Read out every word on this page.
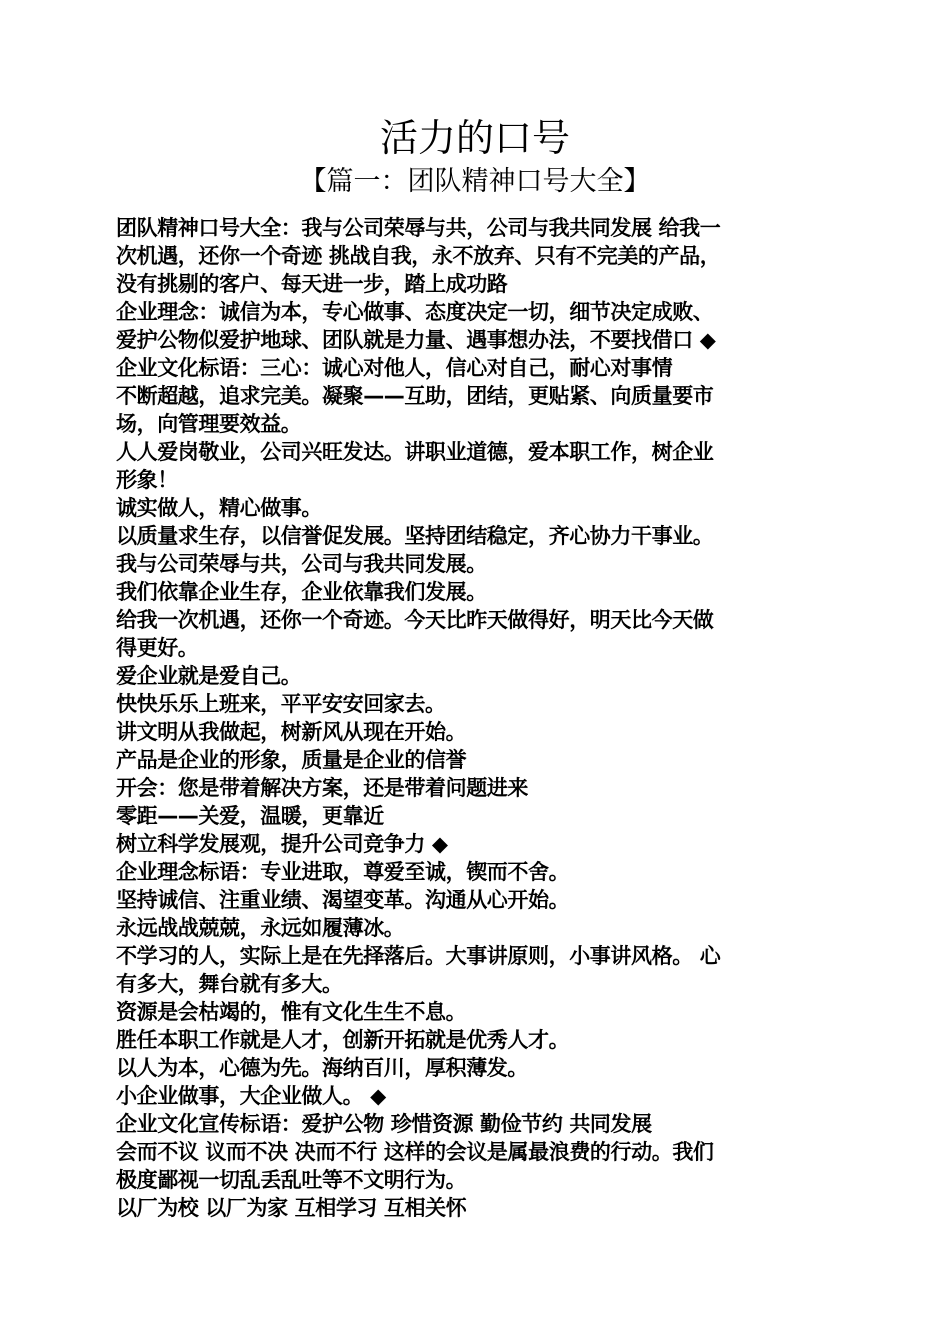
活力的口号
【篇一：团队精神口号大全】
团队精神口号大全：我与公司荣辱与共，公司与我共同发展 给我一
次机遇，还你一个奇迹 挑战自我，永不放弃、只有不完美的产品，
没有挑剔的客户、每天进一步，踏上成功路
企业理念：诚信为本，专心做事、态度决定一切，细节决定成败、
爱护公物似爱护地球、团队就是力量、遇事想办法，不要找借口 ◆
企业文化标语：三心：诚心对他人，信心对自己，耐心对事情
不断超越，追求完美。凝聚——互助，团结，更贴紧、向质量要市
场，向管理要效益。
人人爱岗敬业，公司兴旺发达。讲职业道德，爱本职工作，树企业
形象！
诚实做人，精心做事。
以质量求生存，以信誉促发展。坚持团结稳定，齐心协力干事业。
我与公司荣辱与共，公司与我共同发展。
我们依靠企业生存，企业依靠我们发展。
给我一次机遇，还你一个奇迹。今天比昨天做得好，明天比今天做
得更好。
爱企业就是爱自己。
快快乐乐上班来，平平安安回家去。
讲文明从我做起，树新风从现在开始。
产品是企业的形象，质量是企业的信誉
开会：您是带着解决方案，还是带着问题进来
零距——关爱，温暖，更靠近
树立科学发展观，提升公司竞争力 ◆
企业理念标语：专业进取，尊爱至诚，锲而不舍。
坚持诚信、注重业绩、渴望变革。沟通从心开始。
永远战战兢兢，永远如履薄冰。
不学习的人，实际上是在先择落后。大事讲原则，小事讲风格。 心
有多大，舞台就有多大。
资源是会枯竭的，惟有文化生生不息。
胜任本职工作就是人才，创新开拓就是优秀人才。
以人为本，心德为先。海纳百川，厚积薄发。
小企业做事，大企业做人。 ◆
企业文化宣传标语：爱护公物 珍惜资源 勤俭节约 共同发展
会而不议 议而不决 决而不行 这样的会议是属最浪费的行动。我们
极度鄙视一切乱丢乱吐等不文明行为。
以厂为校 以厂为家 互相学习 互相关怀
